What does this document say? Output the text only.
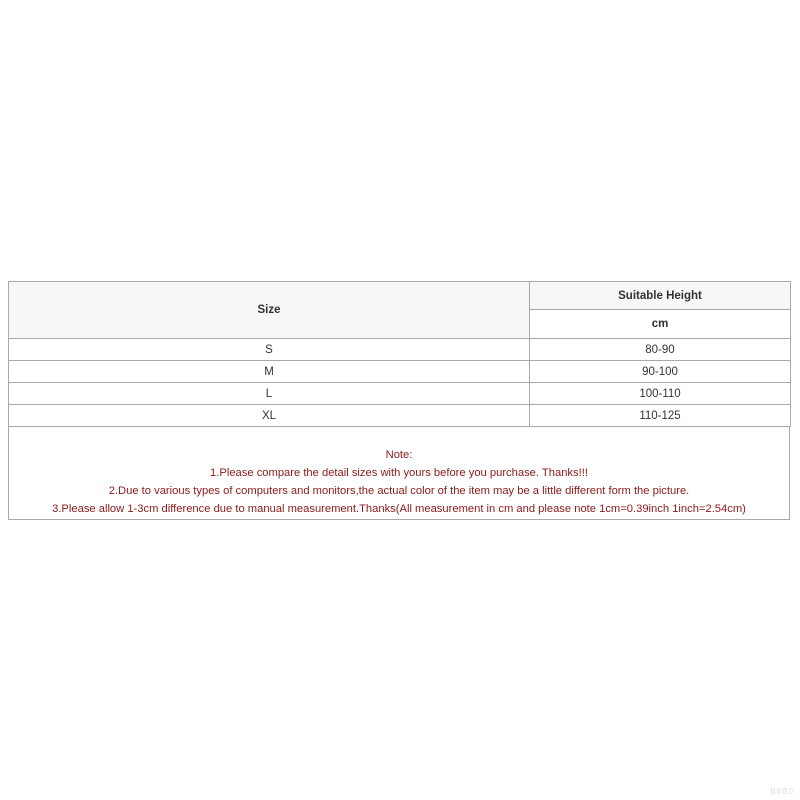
Size	Suitable Height
	cm
S	80-90
M	90-100
L	100-110
XL	110-125
Note:
1.Please compare the detail sizes with yours before you purchase. Thanks!!!
2.Due to various types of computers and monitors,the actual color of the item may be a little different form the picture.
3.Please allow 1-3cm difference due to manual measurement.Thanks(All measurement in cm and please note 1cm=0.39inch 1inch=2.54cm)
B6B0
